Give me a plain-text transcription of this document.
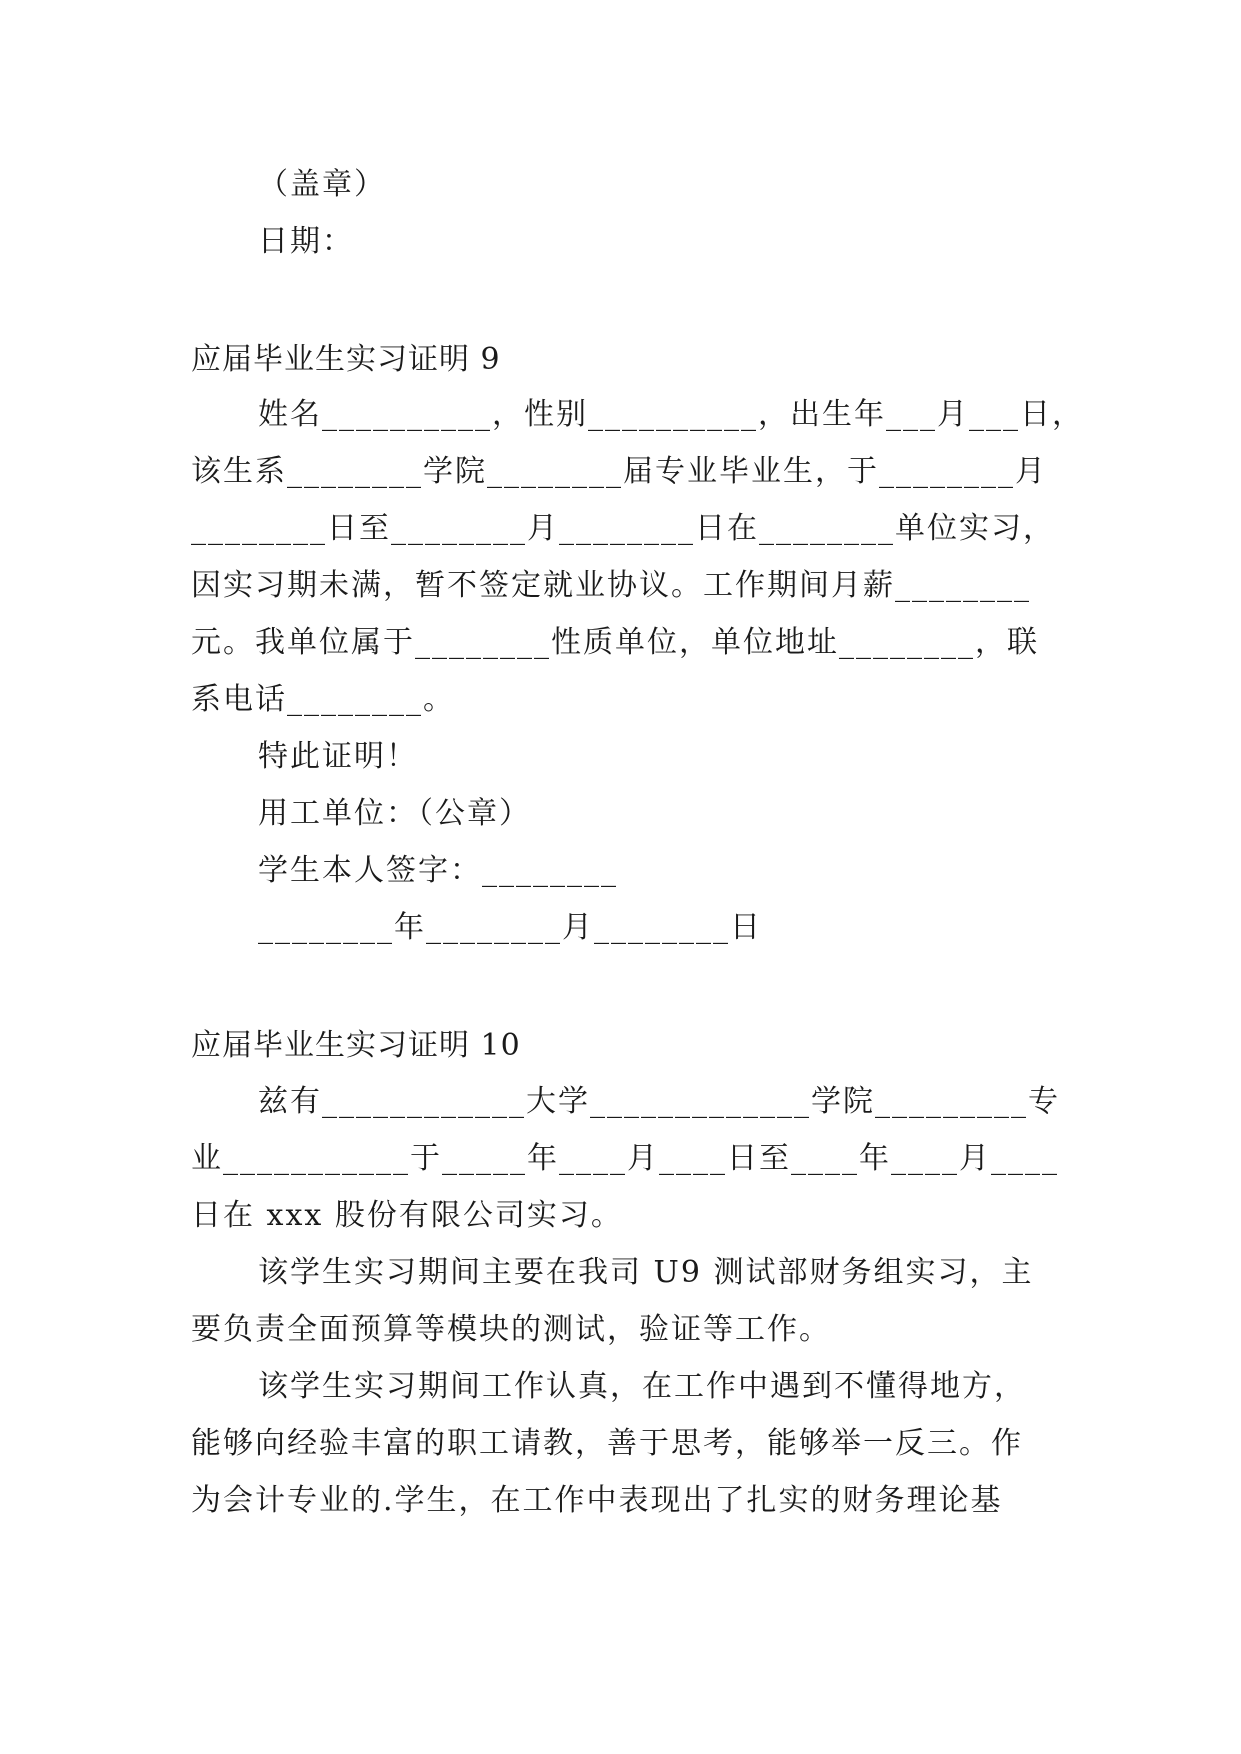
（盖章）
日期：
应届毕业生实习证明 9
姓名__________，性别__________，出生年___月___日，
该生系________学院________届专业毕业生，于________月
________日至________月________日在________单位实习，
因实习期未满，暂不签定就业协议。工作期间月薪________
元。我单位属于________性质单位，单位地址________，联
系电话________。
特此证明！
用工单位：（公章）
学生本人签字：________
________年________月________日
应届毕业生实习证明 10
兹有____________大学_____________学院_________专
业___________于_____年____月____日至____年____月____
日在 xxx 股份有限公司实习。
该学生实习期间主要在我司 U9 测试部财务组实习，主
要负责全面预算等模块的测试，验证等工作。
该学生实习期间工作认真，在工作中遇到不懂得地方，
能够向经验丰富的职工请教，善于思考，能够举一反三。作
为会计专业的.学生，在工作中表现出了扎实的财务理论基
